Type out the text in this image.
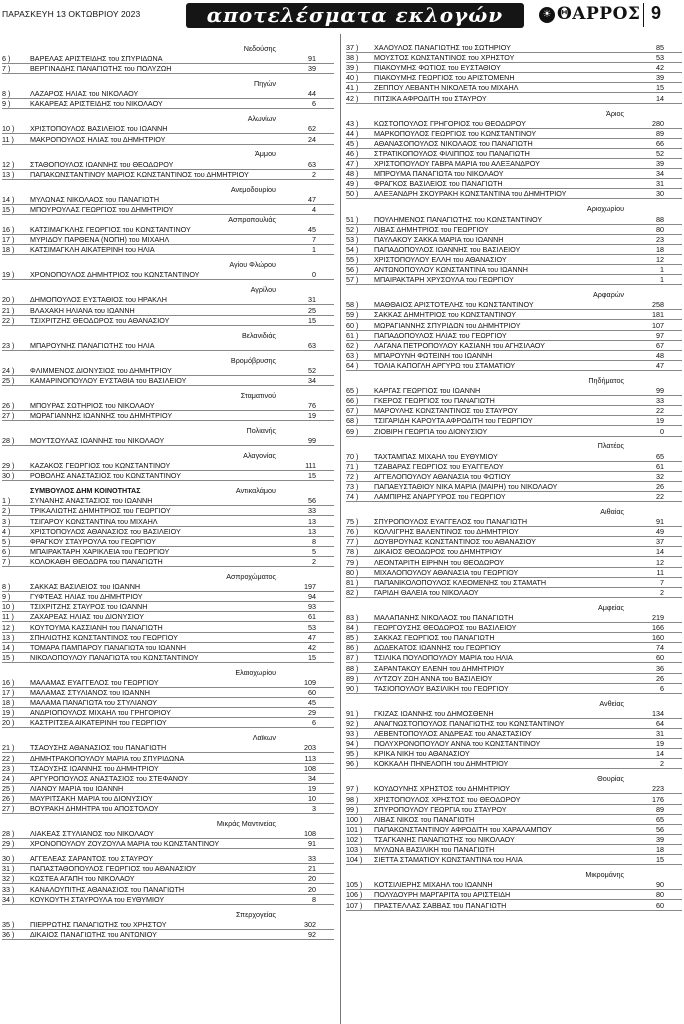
ΠΑΡΑΣΚΕΥΗ 13 ΟΚΤΩΒΡΙΟΥ 2023	αποτελέσματα εκλογών	☀ ΘΑΡΡΟΣ 9
Νεδούσης
6 )	ΒΑΡΕΛΑΣ ΑΡΙΣΤΕΙΔΗΣ του ΣΠΥΡΙΔΩΝΑ	91
7 )	ΒΕΡΓΙΝΑΔΗΣ ΠΑΝΑΓΙΩΤΗΣ του ΠΟΛΥΖΩΗ	39
Πηγών
8 )	ΛΑΖΑΡΟΣ ΗΛΙΑΣ του ΝΙΚΟΛΑΟΥ	44
9 )	ΚΑΚΑΡΕΑΣ ΑΡΙΣΤΕΙΔΗΣ του ΝΙΚΟΛΑΟΥ	6
Αλωνίων
10 ) ΧΡΙΣΤΟΠΟΥΛΟΣ ΒΑΣΙΛΕΙΟΣ του ΙΩΑΝΝΗ	62
11 ) ΜΑΚΡΟΠΟΥΛΟΣ ΗΛΙΑΣ του ΔΗΜΗΤΡΙΟΥ	24
Άμμου
12 ) ΣΤΑΘΟΠΟΥΛΟΣ ΙΩΑΝΝΗΣ του ΘΕΟΔΩΡΟΥ	63
13 ) ΠΑΠΑΚΩΝΣΤΑΝΤΙΝΟΥ ΜΑΡΙΟΣ ΚΩΝΣΤΑΝΤΙΝΟΣ του ΔΗΜΗΤΡΙΟΥ	2
Ανεμοδουρίου
14 ) ΜΥΛΩΝΑΣ ΝΙΚΟΛΑΟΣ του ΠΑΝΑΓΙΩΤΗ	47
15 ) ΜΠΟΥΡΟΥΛΑΣ ΓΕΩΡΓΙΟΣ του ΔΗΜΗΤΡΙΟΥ	4
Ασπροπουλιάς
16 ) ΚΑΤΣΙΜΑΓΚΛΗΣ ΓΕΩΡΓΙΟΣ του ΚΩΝΣΤΑΝΤΙΝΟΥ	45
17 ) ΜΥΡΙΔΟΥ ΠΑΡΘΕΝΑ (ΝΟΠΗ) του ΜΙΧΑΗΛ	7
18 ) ΚΑΤΣΙΜΑΓΚΛΗ ΑΙΚΑΤΕΡΙΝΗ του ΗΛΙΑ	1
Αγίου Φλώρου
19 ) ΧΡΟΝΟΠΟΥΛΟΣ ΔΗΜΗΤΡΙΟΣ του ΚΩΝΣΤΑΝΤΙΝΟΥ	0
Αγρίλου
20 ) ΔΗΜΟΠΟΥΛΟΣ ΕΥΣΤΑΘΙΟΣ του ΗΡΑΚΛΗ	31
21 ) ΒΛΑΧΑΚΗ ΗΛΙΑΝΑ του ΙΩΑΝΝΗ	25
22 ) ΤΣΙΧΡΙΤΖΗΣ ΘΕΟΔΩΡΟΣ του ΑΘΑΝΑΣΙΟΥ	15
Βελανιδιάς
23 ) ΜΠΑΡΟΥΝΗΣ ΠΑΝΑΓΙΩΤΗΣ του ΗΛΙΑ	63
Βρομόβρυσης
24 ) ΦΛΙΜΜΕΝΟΣ ΔΙΟΝΥΣΙΟΣ του ΔΗΜΗΤΡΙΟΥ	52
25 ) ΚΑΜΑΡΙΝΟΠΟΥΛΟΥ ΕΥΣΤΑΘΙΑ του ΒΑΣΙΛΕΙΟΥ	34
Σταματινού
26 ) ΜΠΟΥΡΑΣ ΣΩΤΗΡΙΟΣ του ΝΙΚΟΛΑΟΥ	76
27 ) ΜΩΡΑΓΙΑΝΝΗΣ ΙΩΑΝΝΗΣ του ΔΗΜΗΤΡΙΟΥ	19
Πολιανής
28 ) ΜΟΥΤΣΟΥΛΑΣ ΙΩΑΝΝΗΣ του ΝΙΚΟΛΑΟΥ	99
Αλαγονίας
29 ) ΚΑΖΑΚΟΣ ΓΕΩΡΓΙΟΣ του ΚΩΝΣΤΑΝΤΙΝΟΥ	111
30 ) ΡΟΒΟΛΗΣ ΑΝΑΣΤΑΣΙΟΣ του ΚΩΝΣΤΑΝΤΙΝΟΥ	15
ΣΥΜΒΟΥΛΟΣ ΔΗΜ ΚΟΙΝΟΤΗΤΑΣ	Αντικαλάμου
1 )	ΣΥΝΑΝΗΣ ΑΝΑΣΤΑΣΙΟΣ του ΙΩΑΝΝΗ	56
2 )	ΤΡΙΚΑΛΙΩΤΗΣ ΔΗΜΗΤΡΙΟΣ του ΓΕΩΡΓΙΟΥ	33
3 )	ΤΣΙΓΑΡΟΥ ΚΩΝΣΤΑΝΤΙΝΑ του ΜΙΧΑΗΛ	13
4 )	ΧΡΙΣΤΟΠΟΥΛΟΣ ΑΘΑΝΑΣΙΟΣ του ΒΑΣΙΛΕΙΟΥ	13
5 )	ΦΡΑΓΚΟΥ ΣΤΑΥΡΟΥΛΑ του ΓΕΩΡΓΙΟΥ	8
6 )	ΜΠΑΙΡΑΚΤΑΡΗ ΧΑΡΙΚΛΕΙΑ του ΓΕΩΡΓΙΟΥ	5
7 )	ΚΟΛΟΚΑΘΗ ΘΕΟΔΩΡΑ του ΠΑΝΑΓΙΩΤΗ	2
Ασπροχώματος
8 )	ΣΑΚΚΑΣ ΒΑΣΙΛΕΙΟΣ του ΙΩΑΝΝΗ	197
9 )	ΓΥΦΤΕΑΣ ΗΛΙΑΣ του ΔΗΜΗΤΡΙΟΥ	94
10 ) ΤΣΙΧΡΙΤΖΗΣ ΣΤΑΥΡΟΣ του ΙΩΑΝΝΗ	93
11 ) ΖΑΧΑΡΕΑΣ ΗΛΙΑΣ του ΔΙΟΝΥΣΙΟΥ	61
12 ) ΚΟΥΤΟΥΜΑ ΚΑΣΣΙΑΝΗ του ΠΑΝΑΓΙΩΤΗ	53
13 ) ΣΠΗΛΙΩΤΗΣ ΚΩΝΣΤΑΝΤΙΝΟΣ του ΓΕΩΡΓΙΟΥ	47
14 ) ΤΟΜΑΡΑ ΠΑΜΠΑΡΟΥ ΠΑΝΑΓΙΩΤΑ του ΙΩΑΝΝΗ	42
15 ) ΝΙΚΟΛΟΠΟΥΛΟΥ ΠΑΝΑΓΙΩΤΑ του ΚΩΝΣΤΑΝΤΙΝΟΥ	15
Ελαιοχωρίου
16 ) ΜΑΛΑΜΑΣ ΕΥΑΓΓΕΛΟΣ του ΓΕΩΡΓΙΟΥ	109
17 ) ΜΑΛΑΜΑΣ ΣΤΥΛΙΑΝΟΣ του ΙΩΑΝΝΗ	60
18 ) ΜΑΛΑΜΑ ΠΑΝΑΓΙΩΤΑ του ΣΤΥΛΙΑΝΟΥ	45
19 ) ΑΝΔΡΙΟΠΟΥΛΟΣ ΜΙΧΑΗΛ του ΓΡΗΓΟΡΙΟΥ	29
20 ) ΚΑΣΤΡΙΤΣΕΑ ΑΙΚΑΤΕΡΙΝΗ του ΓΕΩΡΓΙΟΥ	6
Λαϊκων
21 ) ΤΣΑΟΥΣΗΣ ΑΘΑΝΑΣΙΟΣ του ΠΑΝΑΓΙΩΤΗ	203
22 ) ΔΗΜΗΤΡΑΚΟΠΟΥΛΟΥ ΜΑΡΙΑ του ΣΠΥΡΙΔΩΝΑ	113
23 ) ΤΣΑΟΥΣΗΣ ΙΩΑΝΝΗΣ του ΔΗΜΗΤΡΙΟΥ	108
24 ) ΑΡΓΥΡΟΠΟΥΛΟΣ ΑΝΑΣΤΑΣΙΟΣ του ΣΤΕΦΑΝΟΥ	34
25 ) ΛΙΑΝΟΥ ΜΑΡΙΑ του ΙΩΑΝΝΗ	19
26 ) ΜΑΥΡΙΤΣΑΚΗ ΜΑΡΙΑ του ΔΙΟΝΥΣΙΟΥ	10
27 ) ΒΟΥΡΑΚΗ ΔΗΜΗΤΡΑ του ΑΠΟΣΤΟΛΟΥ	3
Μικράς Μαντινείας
28 ) ΛΙΑΚΕΑΣ ΣΤΥΛΙΑΝΟΣ του ΝΙΚΟΛΑΟΥ	108
29 ) ΧΡΟΝΟΠΟΥΛΟΥ ΖΟΥΖΟΥΛΑ ΜΑΡΙΑ του ΚΩΝΣΤΑΝΤΙΝΟΥ	91
30 ) ΑΓΓΕΛΕΑΣ ΣΑΡΑΝΤΟΣ του ΣΤΑΥΡΟΥ	33
31 ) ΠΑΠΑΣΤΑΘΟΠΟΥΛΟΣ ΓΕΩΡΓΙΟΣ του ΑΘΑΝΑΣΙΟΥ	21
32 ) ΚΩΣΤΕΑ ΑΓΑΠΗ του ΝΙΚΟΛΑΟΥ	20
33 ) ΚΑΝΑΛΟΥΠΙΤΗΣ ΑΘΑΝΑΣΙΟΣ του ΠΑΝΑΓΙΩΤΗ	20
34 ) ΚΟΥΚΟΥΤΗ ΣΤΑΥΡΟΥΛΑ του ΕΥΘΥΜΙΟΥ	8
Σπερχογείας
35 ) ΠΙΕΡΡΩΤΗΣ ΠΑΝΑΓΙΩΤΗΣ του ΧΡΗΣΤΟΥ	302
36 ) ΔΙΚΑΙΟΣ ΠΑΝΑΓΙΩΤΗΣ του ΑΝΤΩΝΙΟΥ	92
37 ) ΧΑΛΟΥΛΟΣ ΠΑΝΑΓΙΩΤΗΣ του ΣΩΤΗΡΙΟΥ	85
38 ) ΜΟΥΣΤΟΣ ΚΩΝΣΤΑΝΤΙΝΟΣ του ΧΡΗΣΤΟΥ	53
39 ) ΠΙΑΚΟΥΜΗΣ ΦΩΤΙΟΣ του ΕΥΣΤΑΘΙΟΥ	42
40 ) ΠΙΑΚΟΥΜΗΣ ΓΕΩΡΓΙΟΣ του ΑΡΙΣΤΟΜΕΝΗ	39
41 ) ΖΕΠΠΟΥ ΛΕΒΑΝΤΗ ΝΙΚΟΛΕΤΑ του ΜΙΧΑΗΛ	15
42 ) ΠΙΤΣΙΚΑ ΑΦΡΟΔΙΤΗ του ΣΤΑΥΡΟΥ	14
Άριος
43 ) ΚΩΣΤΟΠΟΥΛΟΣ ΓΡΗΓΟΡΙΟΣ του ΘΕΟΔΩΡΟΥ	280
44 ) ΜΑΡΚΟΠΟΥΛΟΣ ΓΕΩΡΓΙΟΣ του ΚΩΝΣΤΑΝΤΙΝΟΥ	89
45 ) ΑΘΑΝΑΣΟΠΟΥΛΟΣ ΝΙΚΟΛΑΟΣ του ΠΑΝΑΓΙΩΤΗ	66
46 ) ΣΤΡΑΤΙΚΟΠΟΥΛΟΣ ΦΙΛΙΠΠΟΣ του ΠΑΝΑΓΙΩΤΗ	52
47 ) ΧΡΙΣΤΟΠΟΥΛΟΥ ΓΑΒΡΑ ΜΑΡΙΑ του ΑΛΕΞΑΝΔΡΟΥ	39
48 ) ΜΠΡΟΥΜΑ ΠΑΝΑΓΙΩΤΑ του ΝΙΚΟΛΑΟΥ	34
49 ) ΦΡΑΓΚΟΣ ΒΑΣΙΛΕΙΟΣ του ΠΑΝΑΓΙΩΤΗ	31
50 ) ΑΛΕΞΑΝΔΡΗ ΣΚΟΥΡΑΚΗ ΚΩΝΣΤΑΝΤΙΝΑ του ΔΗΜΗΤΡΙΟΥ	30
Αριοχωρίου
51 ) ΠΟΥΛΗΜΕΝΟΣ ΠΑΝΑΓΙΩΤΗΣ του ΚΩΝΣΤΑΝΤΙΝΟΥ	88
52 ) ΛΙΒΑΣ ΔΗΜΗΤΡΙΟΣ του ΓΕΩΡΓΙΟΥ	80
53 ) ΠΑΥΛΑΚΟΥ ΣΑΚΚΑ ΜΑΡΙΑ του ΙΩΑΝΝΗ	23
54 ) ΠΑΠΑΔΟΠΟΥΛΟΣ ΙΩΑΝΝΗΣ του ΒΑΣΙΛΕΙΟΥ	18
55 ) ΧΡΙΣΤΟΠΟΥΛΟΥ ΕΛΛΗ του ΑΘΑΝΑΣΙΟΥ	12
56 ) ΑΝΤΩΝΟΠΟΥΛΟΥ ΚΩΝΣΤΑΝΤΙΝΑ του ΙΩΑΝΝΗ	1
57 ) ΜΠΑΙΡΑΚΤΑΡΗ ΧΡΥΣΟΥΛΑ του ΓΕΩΡΓΙΟΥ	1
Αρφαρών
58 ) ΜΑΘΘΑΙΟΣ ΑΡΙΣΤΟΤΕΛΗΣ του ΚΩΝΣΤΑΝΤΙΝΟΥ	258
59 ) ΣΑΚΚΑΣ ΔΗΜΗΤΡΙΟΣ του ΚΩΝΣΤΑΝΤΙΝΟΥ	181
60 ) ΜΩΡΑΓΙΑΝΝΗΣ ΣΠΥΡΙΔΩΝ του ΔΗΜΗΤΡΙΟΥ	107
61 ) ΠΑΠΑΔΟΠΟΥΛΟΣ ΗΛΙΑΣ του ΓΕΩΡΓΙΟΥ	97
62 ) ΛΑΓΑΝΑ ΠΕΤΡΟΠΟΥΛΟΥ ΚΑΣΙΑΝΗ του ΑΓΗΣΙΛΑΟΥ	67
63 ) ΜΠΑΡΟΥΝΗ ΦΩΤΕΙΝΗ του ΙΩΑΝΝΗ	48
64 ) ΤΟΛΙΑ ΚΑΠΟΓΛΗ ΑΡΓΥΡΩ του ΣΤΑΜΑΤΙΟΥ	47
Πηδήματος
65 ) ΚΑΡΓΑΣ ΓΕΩΡΓΙΟΣ του ΙΩΑΝΝΗ	99
66 ) ΓΚΕΡΟΣ ΓΕΩΡΓΙΟΣ του ΠΑΝΑΓΙΩΤΗ	33
67 ) ΜΑΡΟΥΛΗΣ ΚΩΝΣΤΑΝΤΙΝΟΣ του ΣΤΑΥΡΟΥ	22
68 ) ΤΣΙΓΑΡΙΔΗ ΚΑΡΟΥΤΑ ΑΦΡΟΔΙΤΗ του ΓΕΩΡΓΙΟΥ	19
69 ) ΖΙΟΒΙΡΗ ΓΕΩΡΓΙΑ του ΔΙΟΝΥΣΙΟΥ	0
Πλατέος
70 ) ΤΑΧΤΑΜΠΑΣ ΜΙΧΑΗΛ του ΕΥΘΥΜΙΟΥ	65
71 ) ΤΖΑΒΑΡΑΣ ΓΕΩΡΓΙΟΣ του ΕΥΑΓΓΕΛΟΥ	61
72 ) ΑΓΓΕΛΟΠΟΥΛΟΥ ΑΘΑΝΑΣΙΑ του ΦΩΤΙΟΥ	32
73 ) ΠΑΠΑΕΥΣΤΑΘΙΟΥ ΝΙΚΑ ΜΑΡΙΑ (ΜΑΙΡΗ) του ΝΙΚΟΛΑΟΥ	26
74 ) ΛΑΜΠΙΡΗΣ ΑΝΑΡΓΥΡΟΣ του ΓΕΩΡΓΙΟΥ	22
Αιθαίας
75 ) ΣΠΥΡΟΠΟΥΛΟΣ ΕΥΑΓΓΕΛΟΣ του ΠΑΝΑΓΙΩΤΗ	91
76 ) ΚΟΛΛΙΓΡΗΣ ΒΑΛΕΝΤΙΝΟΣ του ΔΗΜΗΤΡΙΟΥ	49
77 ) ΔΟΥΒΡΟΥΝΑΣ ΚΩΝΣΤΑΝΤΙΝΟΣ του ΑΘΑΝΑΣΙΟΥ	37
78 ) ΔΙΚΑΙΟΣ ΘΕΟΔΩΡΟΣ του ΔΗΜΗΤΡΙΟΥ	14
79 ) ΛΕΟΝΤΑΡΙΤΗ ΕΙΡΗΝΗ του ΘΕΟΔΩΡΟΥ	12
80 ) ΜΙΧΑΛΟΠΟΥΛΟΥ ΑΘΑΝΑΣΙΑ του ΓΕΩΡΓΙΟΥ	11
81 ) ΠΑΠΑΝΙΚΟΛΟΠΟΥΛΟΣ ΚΛΕΟΜΕΝΗΣ του ΣΤΑΜΑΤΗ	7
82 ) ΓΑΡΙΔΗ ΘΑΛΕΙΑ του ΝΙΚΟΛΑΟΥ	2
Αμφείας
83 ) ΜΑΛΑΠΑΝΗΣ ΝΙΚΟΛΑΟΣ του ΠΑΝΑΓΙΩΤΗ	219
84 ) ΓΕΩΡΓΟΥΣΗΣ ΘΕΟΔΩΡΟΣ του ΒΑΣΙΛΕΙΟΥ	166
85 ) ΣΑΚΚΑΣ ΓΕΩΡΓΙΟΣ του ΠΑΝΑΓΙΩΤΗ	160
86 ) ΔΩΔΕΚΑΤΟΣ ΙΩΑΝΝΗΣ του ΓΕΩΡΓΙΟΥ	74
87 ) ΤΣΙΛΙΚΑ ΠΟΥΛΟΠΟΥΛΟΥ ΜΑΡΙΑ του ΗΛΙΑ	60
88 ) ΣΑΡΑΝΤΑΚΟΥ ΕΛΕΝΗ του ΔΗΜΗΤΡΙΟΥ	36
89 ) ΛΥΤΖΟΥ ΖΩΗ ΑΝΝΑ του ΒΑΣΙΛΕΙΟΥ	26
90 ) ΤΑΣΙΟΠΟΥΛΟΥ ΒΑΣΙΛΙΚΗ του ΓΕΩΡΓΙΟΥ	6
Ανθείας
91 ) ΓΚΙΖΑΣ ΙΩΑΝΝΗΣ του ΔΗΜΟΣΘΕΝΗ	134
92 ) ΑΝΑΓΝΩΣΤΟΠΟΥΛΟΣ ΠΑΝΑΓΙΩΤΗΣ του ΚΩΝΣΤΑΝΤΙΝΟΥ	64
93 ) ΛΕΒΕΝΤΟΠΟΥΛΟΣ ΑΝΔΡΕΑΣ του ΑΝΑΣΤΑΣΙΟΥ	31
94 ) ΠΟΛΥΧΡΟΝΟΠΟΥΛΟΥ ΑΝΝΑ του ΚΩΝΣΤΑΝΤΙΝΟΥ	19
95 ) ΚΡΙΚΑ ΝΙΚΗ του ΑΘΑΝΑΣΙΟΥ	14
96 ) ΚΟΚΚΑΛΗ ΠΗΝΕΛΟΠΗ του ΔΗΜΗΤΡΙΟΥ	2
Θουρίας
97 ) ΚΟΥΔΟΥΝΗΣ ΧΡΗΣΤΟΣ του ΔΗΜΗΤΡΙΟΥ	223
98 ) ΧΡΙΣΤΟΠΟΥΛΟΣ ΧΡΗΣΤΟΣ του ΘΕΟΔΩΡΟΥ	176
99 ) ΣΠΥΡΟΠΟΥΛΟΥ ΓΕΩΡΓΙΑ του ΣΤΑΥΡΟΥ	89
100 ) ΛΙΒΑΣ ΝΙΚΟΣ του ΠΑΝΑΓΙΩΤΗ	65
101 ) ΠΑΠΑΚΩΝΣΤΑΝΤΙΝΟΥ ΑΦΡΟΔΙΤΗ του ΧΑΡΑΛΑΜΠΟΥ	56
102 ) ΤΣΑΓΚΑΝΗΣ ΠΑΝΑΓΙΩΤΗΣ του ΝΙΚΟΛΑΟΥ	39
103 ) ΜΥΛΩΝΑ ΒΑΣΙΛΙΚΗ του ΠΑΝΑΓΙΩΤΗ	18
104 ) ΣΙΕΤΤΑ ΣΤΑΜΑΤΙΟΥ ΚΩΝΣΤΑΝΤΙΝΑ του ΗΛΙΑ	15
Μικρομάνης
105 ) ΚΟΤΣΙΛΙΕΡΗΣ ΜΙΧΑΗΛ του ΙΩΑΝΝΗ	90
106 ) ΠΟΛΥΔΟΥΡΗ ΜΑΡΓΑΡΙΤΑ του ΑΡΙΣΤΕΙΔΗ	80
107 ) ΠΡΑΣΤΕΛΛΑΣ ΣΑΒΒΑΣ του ΠΑΝΑΓΙΩΤΗ	60
